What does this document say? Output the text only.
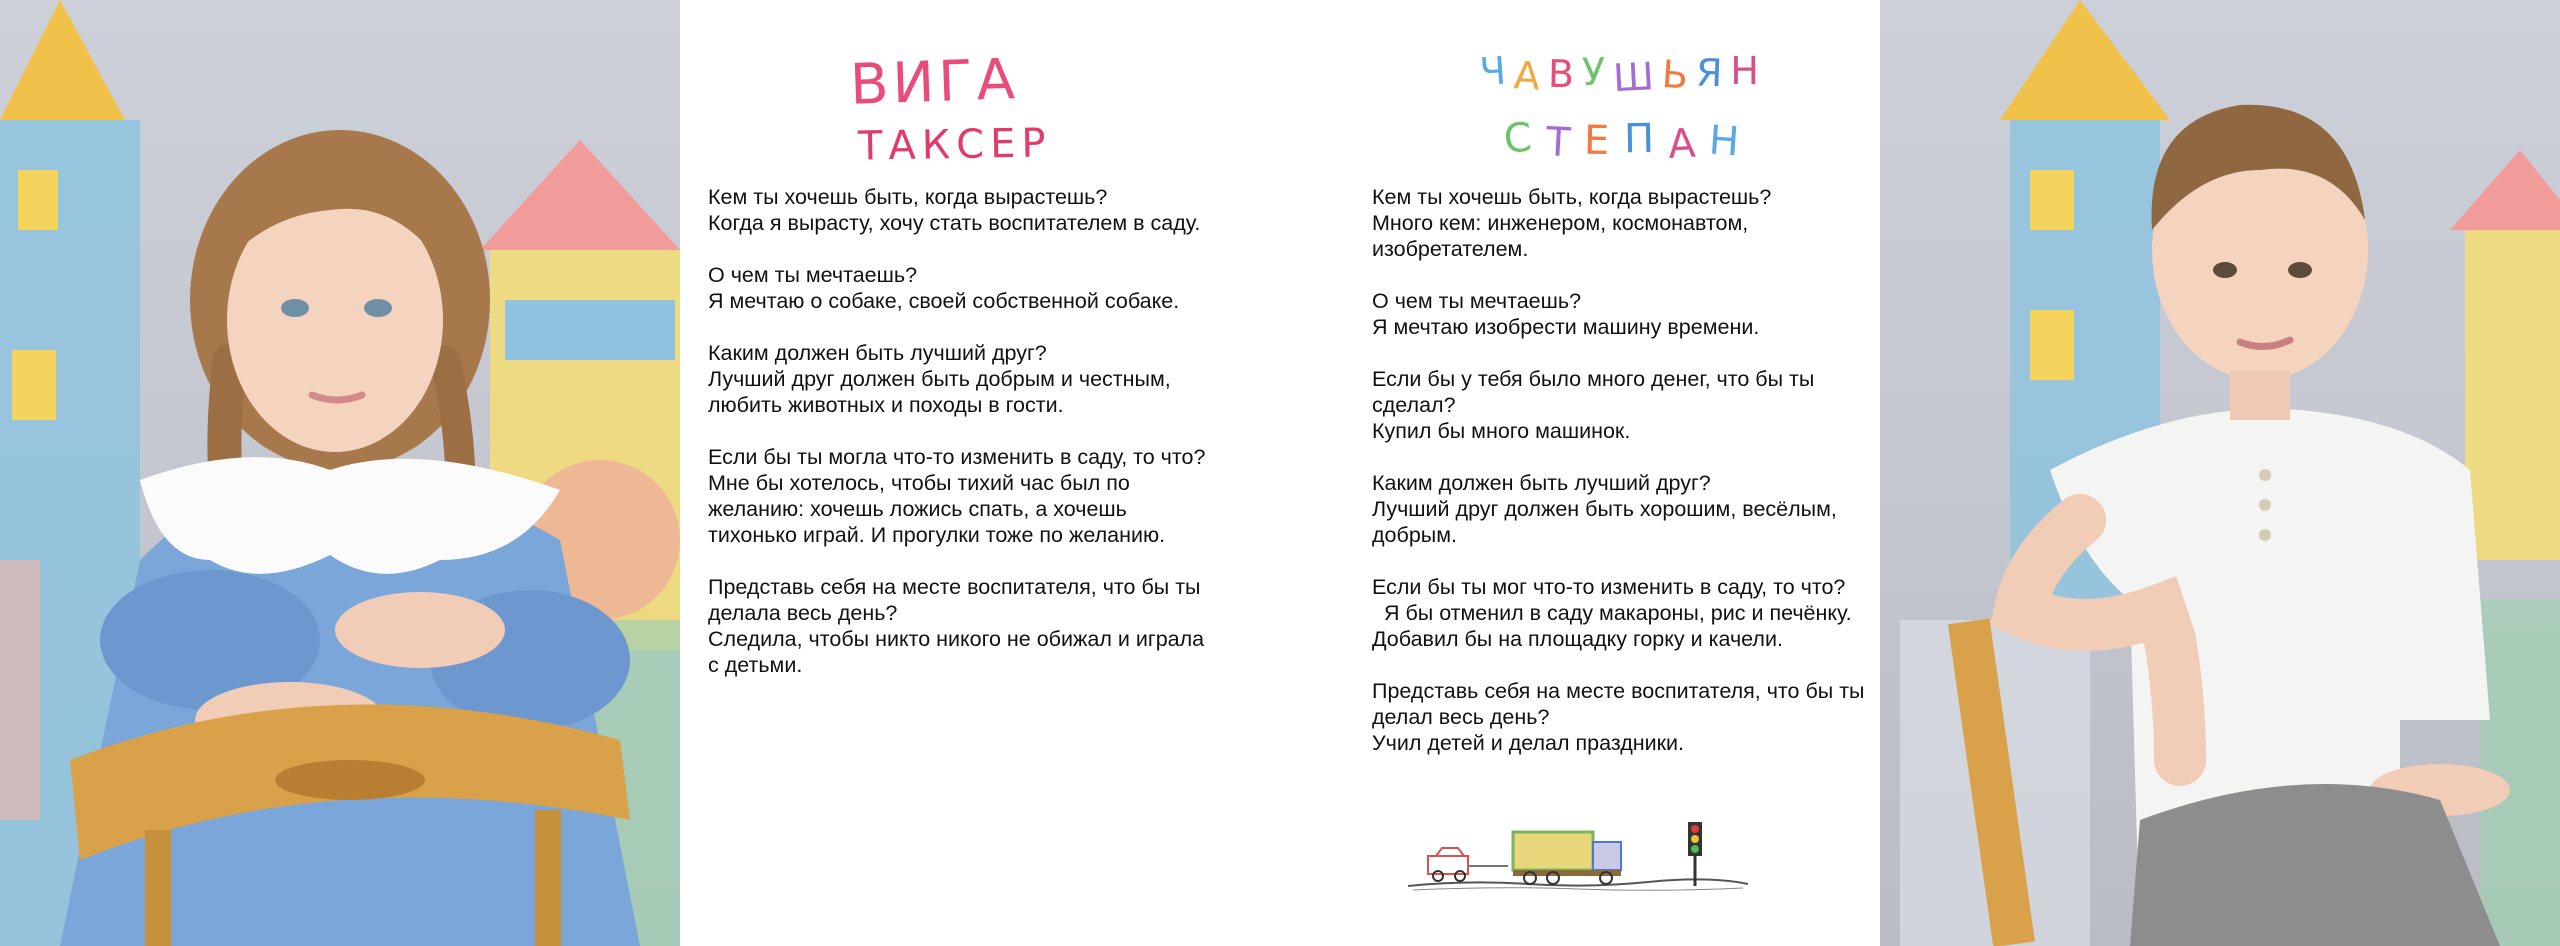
ВИГА
ТАКСЕР

Кем ты хочешь быть, когда вырастешь?
Когда я вырасту, хочу стать воспитателем в саду.

О чем ты мечтаешь?
Я мечтаю о собаке, своей собственной собаке.

Каким должен быть лучший друг?
Лучший друг должен быть добрым и честным, любить животных и походы в гости.

Если бы ты могла что-то изменить в саду, то что?
Мне бы хотелось, чтобы тихий час был по желанию: хочешь ложись спать, а хочешь тихонько играй. И прогулки тоже по желанию.

Представь себя на месте воспитателя, что бы ты делала весь день?
Следила, чтобы никто никого не обижал и играла с детьми.

ЧАВУШЬЯН
СТЕПАН

Кем ты хочешь быть, когда вырастешь?
Много кем: инженером, космонавтом, изобретателем.

О чем ты мечтаешь?
Я мечтаю изобрести машину времени.

Если бы у тебя было много денег, что бы ты сделал?
Купил бы много машинок.

Каким должен быть лучший друг?
Лучший друг должен быть хорошим, весёлым, добрым.

Если бы ты мог что-то изменить в саду, то что?
Я бы отменил в саду макароны, рис и печёнку. Добавил бы на площадку горку и качели.

Представь себя на месте воспитателя, что бы ты делал весь день?
Учил детей и делал праздники.
